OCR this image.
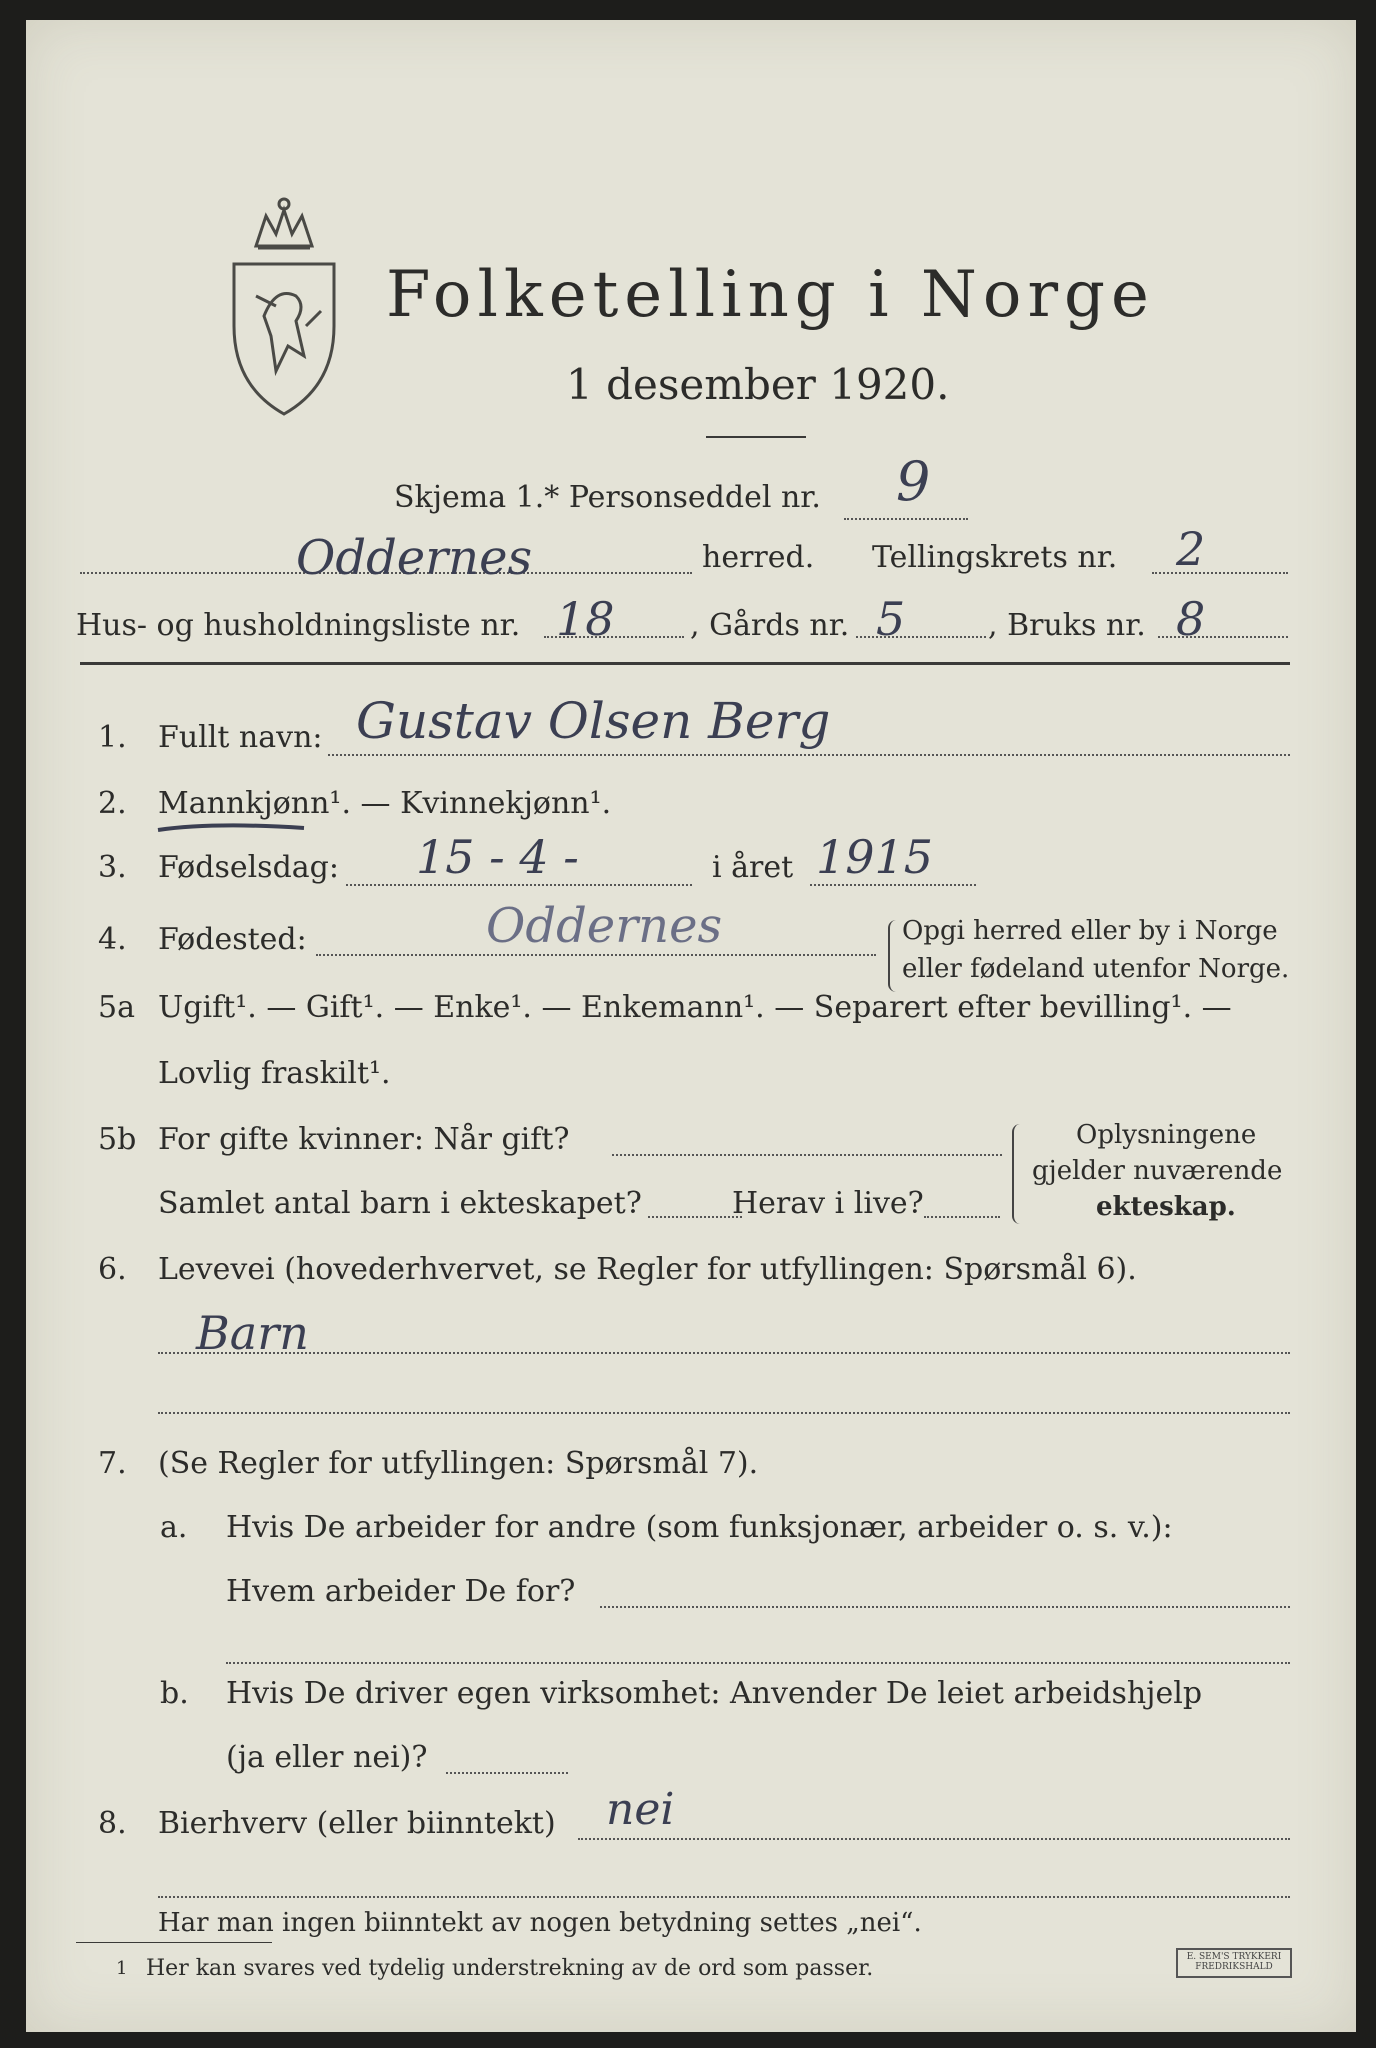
Folketelling i Norge
1 desember 1920.
Skjema 1.* Personseddel nr. 9
Oddernes	herred. Tellingskrets nr. 2
Hus- og husholdningsliste nr. 18	, Gårds nr. 5	, Bruks nr. 8
1. Fullt navn: Gustav Olsen Berg
2. Mannkjønn¹. — Kvinnekjønn¹.
3. Fødselsdag: 15 - 4 -	i året 1915
4. Fødested:	Oddernes	Opgi herred eller by i Norge
eller fødeland utenfor Norge.
5a Ugift¹. — Gift¹. — Enke¹. — Enkemann¹. — Separert efter bevilling¹. —
Lovlig fraskilt¹.
5b For gifte kvinner: Når gift?
Samlet antal barn i ekteskapet?	Herav i live?
Oplysningene
gjelder nuværende
ekteskap.
6. Levevei (hovederhvervet, se Regler for utfyllingen: Spørsmål 6).
Barn
7. (Se Regler for utfyllingen: Spørsmål 7).
a. Hvis De arbeider for andre (som funksjonær, arbeider o. s. v.):
Hvem arbeider De for?
b. Hvis De driver egen virksomhet: Anvender De leiet arbeidshjelp
(ja eller nei)?
8. Bierhverv (eller biinntekt) nei
Har man ingen biinntekt av nogen betydning settes „nei“.
1 Her kan svares ved tydelig understrekning av de ord som passer.	E. SEM'S TRYKKERI FREDRIKSHALD
